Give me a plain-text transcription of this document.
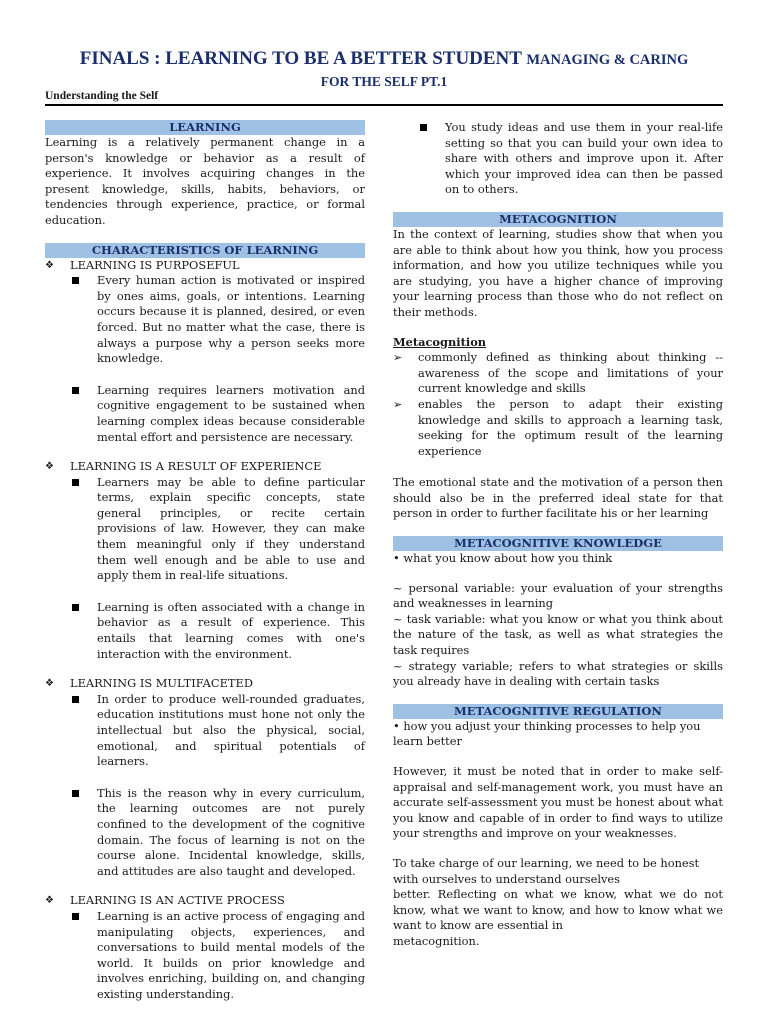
FINALS : LEARNING TO BE A BETTER STUDENT MANAGING & CARING
FOR THE SELF PT.1
Understanding the Self
LEARNING

Learning is a relatively permanent change in a person's knowledge or behavior as a result of experience. It involves acquiring changes in the present knowledge, skills, habits, behaviors, or tendencies through experience, practice, or formal education.

CHARACTERISTICS OF LEARNING
❖ LEARNING IS PURPOSEFUL
Every human action is motivated or inspired by ones aims, goals, or intentions. Learning occurs because it is planned, desired, or even forced. But no matter what the case, there is always a purpose why a person seeks more knowledge.
Learning requires learners motivation and cognitive engagement to be sustained when learning complex ideas because considerable mental effort and persistence are necessary.
❖ LEARNING IS A RESULT OF EXPERIENCE
Learners may be able to define particular terms, explain specific concepts, state general principles, or recite certain provisions of law. However, they can make them meaningful only if they understand them well enough and be able to use and apply them in real-life situations.
Learning is often associated with a change in behavior as a result of experience. This entails that learning comes with one's interaction with the environment.
❖ LEARNING IS MULTIFACETED
In order to produce well-rounded graduates, education institutions must hone not only the intellectual but also the physical, social, emotional, and spiritual potentials of learners.
This is the reason why in every curriculum, the learning outcomes are not purely confined to the development of the cognitive domain. The focus of learning is not on the course alone. Incidental knowledge, skills, and attitudes are also taught and developed.
❖ LEARNING IS AN ACTIVE PROCESS
Learning is an active process of engaging and manipulating objects, experiences, and conversations to build mental models of the world. It builds on prior knowledge and involves enriching, building on, and changing existing understanding.
You study ideas and use them in your real-life setting so that you can build your own idea to share with others and improve upon it. After which your improved idea can then be passed on to others.
METACOGNITION

In the context of learning, studies show that when you are able to think about how you think, how you process information, and how you utilize techniques while you are studying, you have a higher chance of improving your learning process than those who do not reflect on their methods.

Metacognition
➢ commonly defined as thinking about thinking -- awareness of the scope and limitations of your current knowledge and skills
➢ enables the person to adapt their existing knowledge and skills to approach a learning task, seeking for the optimum result of the learning experience

The emotional state and the motivation of a person then should also be in the preferred ideal state for that person in order to further facilitate his or her learning

METACOGNITIVE KNOWLEDGE
• what you know about how you think

~ personal variable: your evaluation of your strengths and weaknesses in learning

~ task variable: what you know or what you think about the nature of the task, as well as what strategies the task requires

~ strategy variable; refers to what strategies or skills you already have in dealing with certain tasks

METACOGNITIVE REGULATION
• how you adjust your thinking processes to help you learn better

However, it must be noted that in order to make self-appraisal and self-management work, you must have an accurate self-assessment you must be honest about what you know and capable of in order to find ways to utilize your strengths and improve on your weaknesses.

To take charge of our learning, we need to be honest with ourselves to understand ourselves

better. Reflecting on what we know, what we do not know, what we want to know, and how to know what we want to know are essential in

metacognition.
